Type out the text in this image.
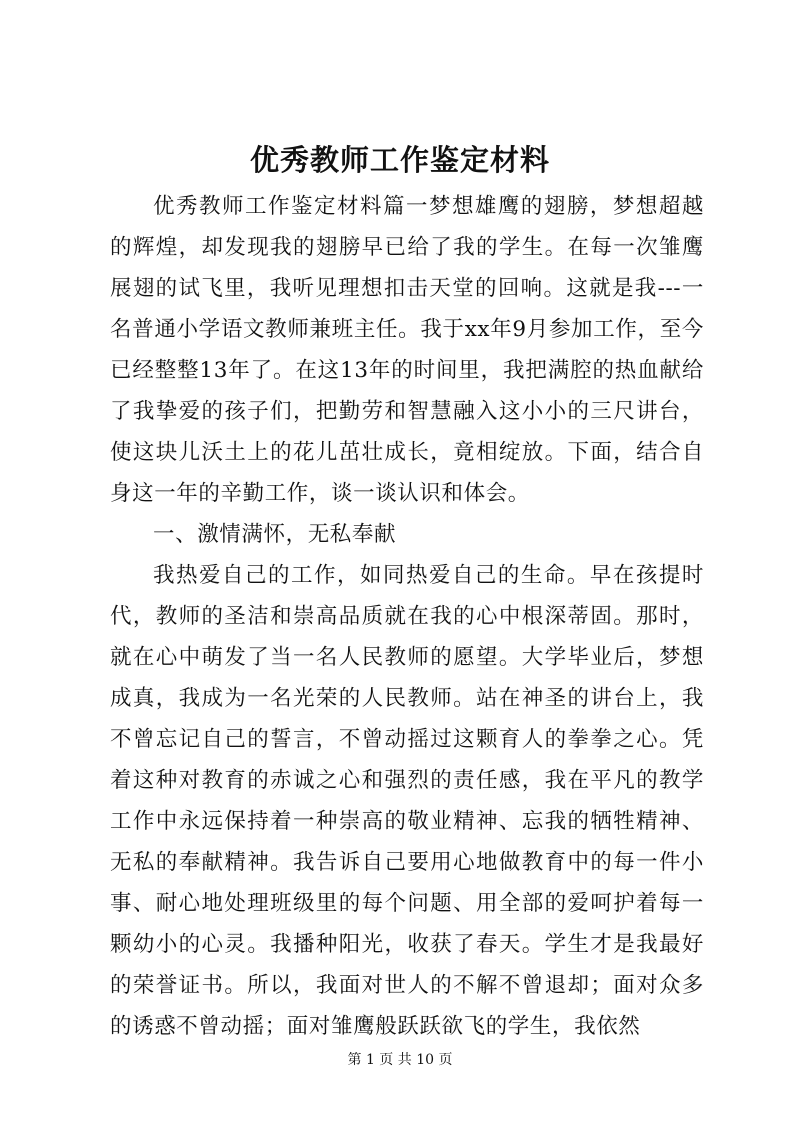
优秀教师工作鉴定材料

优秀教师工作鉴定材料篇一梦想雄鹰的翅膀，梦想超越的辉煌，却发现我的翅膀早已给了我的学生。在每一次雏鹰展翅的试飞里，我听见理想扣击天堂的回响。这就是我---一名普通小学语文教师兼班主任。我于xx年9月参加工作，至今已经整整13年了。在这13年的时间里，我把满腔的热血献给了我挚爱的孩子们，把勤劳和智慧融入这小小的三尺讲台，使这块儿沃土上的花儿茁壮成长，竟相绽放。下面，结合自身这一年的辛勤工作，谈一谈认识和体会。

一、激情满怀，无私奉献

我热爱自己的工作，如同热爱自己的生命。早在孩提时代，教师的圣洁和崇高品质就在我的心中根深蒂固。那时，就在心中萌发了当一名人民教师的愿望。大学毕业后，梦想成真，我成为一名光荣的人民教师。站在神圣的讲台上，我不曾忘记自己的誓言，不曾动摇过这颗育人的拳拳之心。凭着这种对教育的赤诚之心和强烈的责任感，我在平凡的教学工作中永远保持着一种崇高的敬业精神、忘我的牺牲精神、无私的奉献精神。我告诉自己要用心地做教育中的每一件小事、耐心地处理班级里的每个问题、用全部的爱呵护着每一颗幼小的心灵。我播种阳光，收获了春天。学生才是我最好的荣誉证书。所以，我面对世人的不解不曾退却；面对众多的诱惑不曾动摇；面对雏鹰般跃跃欲飞的学生，我依然

第 1 页 共 10 页
